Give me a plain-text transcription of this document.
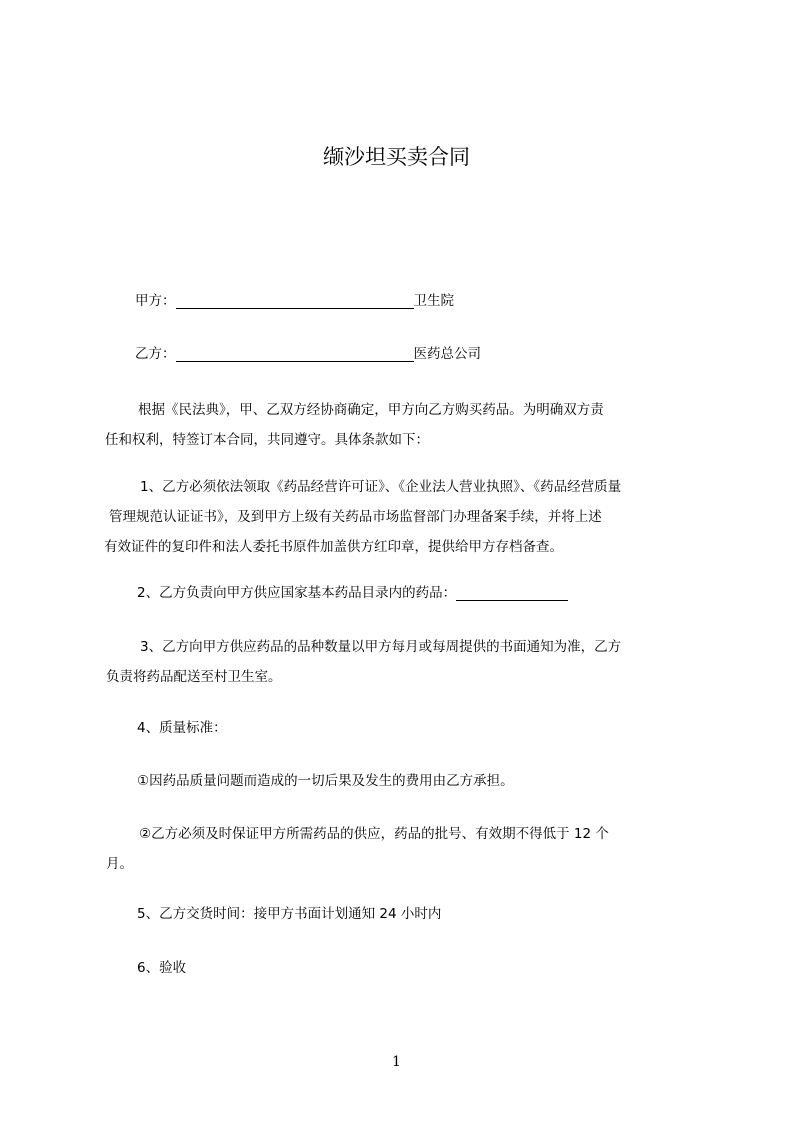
缬沙坦买卖合同
甲方：	卫生院
乙方：	医药总公司
根据《民法典》，甲、乙双方经协商确定，甲方向乙方购买药品。为明确双方责
任和权利，特签订本合同，共同遵守。具体条款如下：
1、乙方必须依法领取《药品经营许可证》、《企业法人营业执照》、《药品经营质量
管理规范认证证书》，及到甲方上级有关药品市场监督部门办理备案手续，并将上述
有效证件的复印件和法人委托书原件加盖供方红印章，提供给甲方存档备查。
2、乙方负责向甲方供应国家基本药品目录内的药品：
3、乙方向甲方供应药品的品种数量以甲方每月或每周提供的书面通知为准，乙方
负责将药品配送至村卫生室。
4、质量标准：
①因药品质量问题而造成的一切后果及发生的费用由乙方承担。
②乙方必须及时保证甲方所需药品的供应，药品的批号、有效期不得低于 12 个
月。
5、乙方交货时间：接甲方书面计划通知 24 小时内
6、验收
1
